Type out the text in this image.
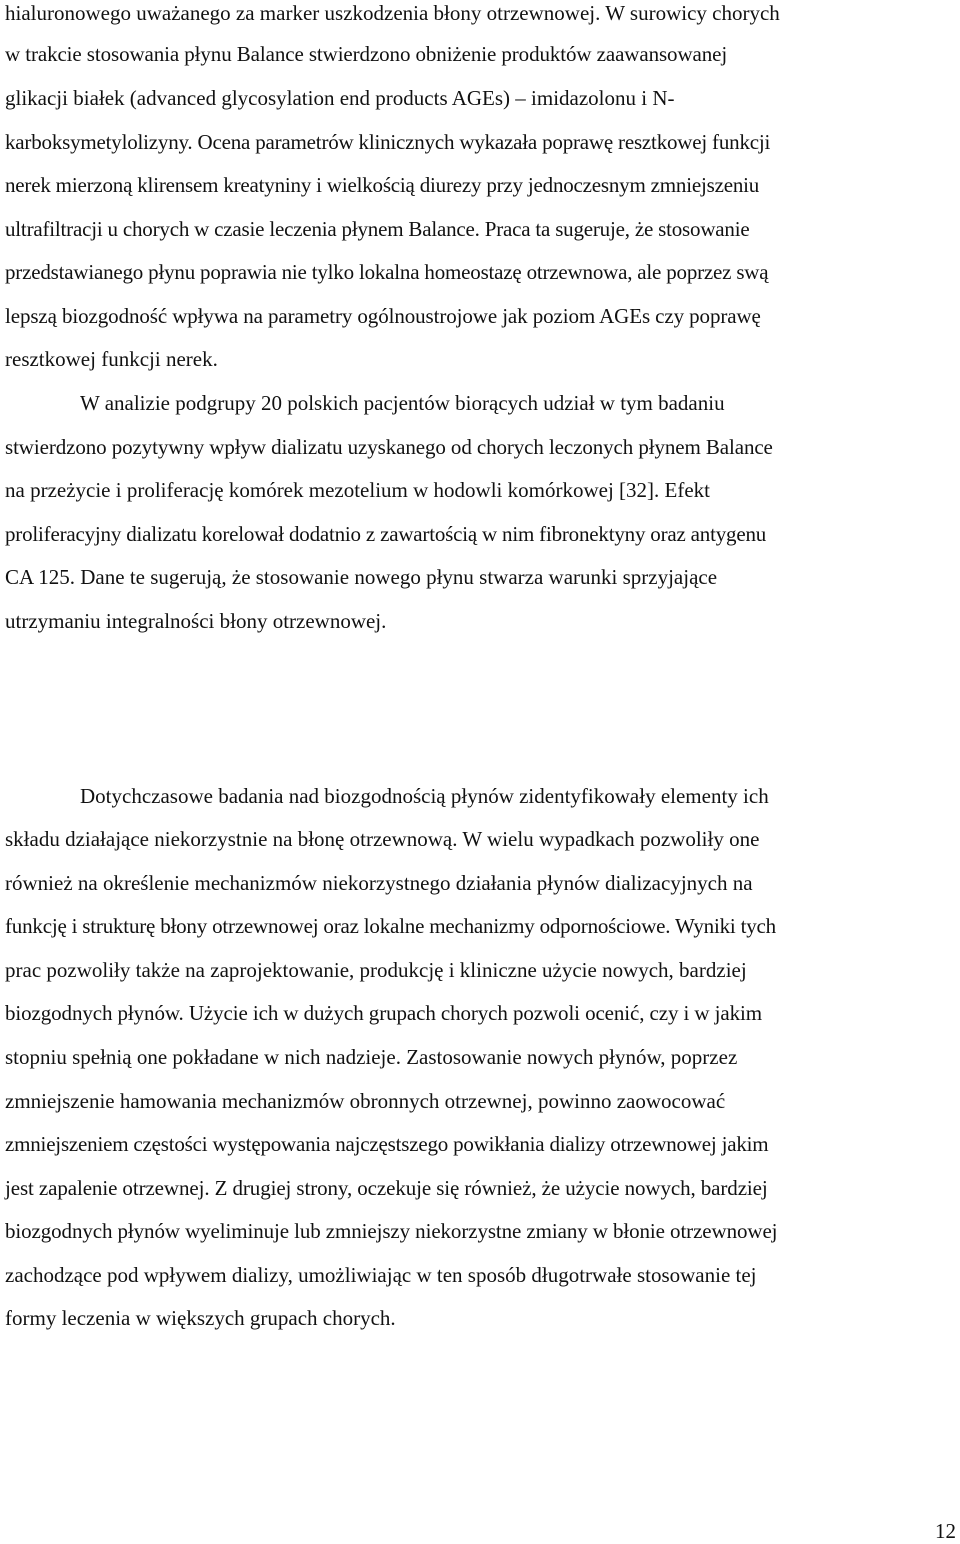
hialuronowego uważanego za marker uszkodzenia błony otrzewnowej. W surowicy chorych
w trakcie stosowania płynu Balance stwierdzono obniżenie produktów zaawansowanej
glikacji białek (advanced glycosylation end products AGEs) – imidazolonu i N-
karboksymetylolizyny. Ocena parametrów klinicznych wykazała poprawę resztkowej funkcji
nerek mierzoną klirensem kreatyniny i wielkością diurezy przy jednoczesnym zmniejszeniu
ultrafiltracji u chorych w czasie leczenia płynem Balance. Praca ta sugeruje, że stosowanie
przedstawianego płynu poprawia nie tylko lokalna homeostazę otrzewnowa, ale poprzez swą
lepszą biozgodność wpływa na parametry ogólnoustrojowe jak poziom AGEs czy poprawę
resztkowej funkcji nerek.
W analizie podgrupy 20 polskich pacjentów biorących udział w tym badaniu
stwierdzono pozytywny wpływ dializatu uzyskanego od chorych leczonych płynem Balance
na przeżycie i proliferację komórek mezotelium w hodowli komórkowej [32]. Efekt
proliferacyjny dializatu korelował dodatnio z zawartością w nim fibronektyny oraz antygenu
CA 125. Dane te sugerują, że stosowanie nowego płynu stwarza warunki sprzyjające
utrzymaniu integralności błony otrzewnowej.
Dotychczasowe badania nad biozgodnością płynów zidentyfikowały elementy ich
składu działające niekorzystnie na błonę otrzewnową. W wielu wypadkach pozwoliły one
również na określenie mechanizmów niekorzystnego działania płynów dializacyjnych na
funkcję i strukturę błony otrzewnowej oraz lokalne mechanizmy odpornościowe. Wyniki tych
prac pozwoliły także na zaprojektowanie, produkcję i kliniczne użycie nowych, bardziej
biozgodnych płynów. Użycie ich w dużych grupach chorych pozwoli ocenić, czy i w jakim
stopniu spełnią one pokładane w nich nadzieje. Zastosowanie nowych płynów, poprzez
zmniejszenie hamowania mechanizmów obronnych otrzewnej, powinno zaowocować
zmniejszeniem częstości występowania najczęstszego powikłania dializy otrzewnowej jakim
jest zapalenie otrzewnej. Z drugiej strony, oczekuje się również, że użycie nowych, bardziej
biozgodnych płynów wyeliminuje lub zmniejszy niekorzystne zmiany w błonie otrzewnowej
zachodzące pod wpływem dializy, umożliwiając w ten sposób długotrwałe stosowanie tej
formy leczenia w większych grupach chorych.
12
